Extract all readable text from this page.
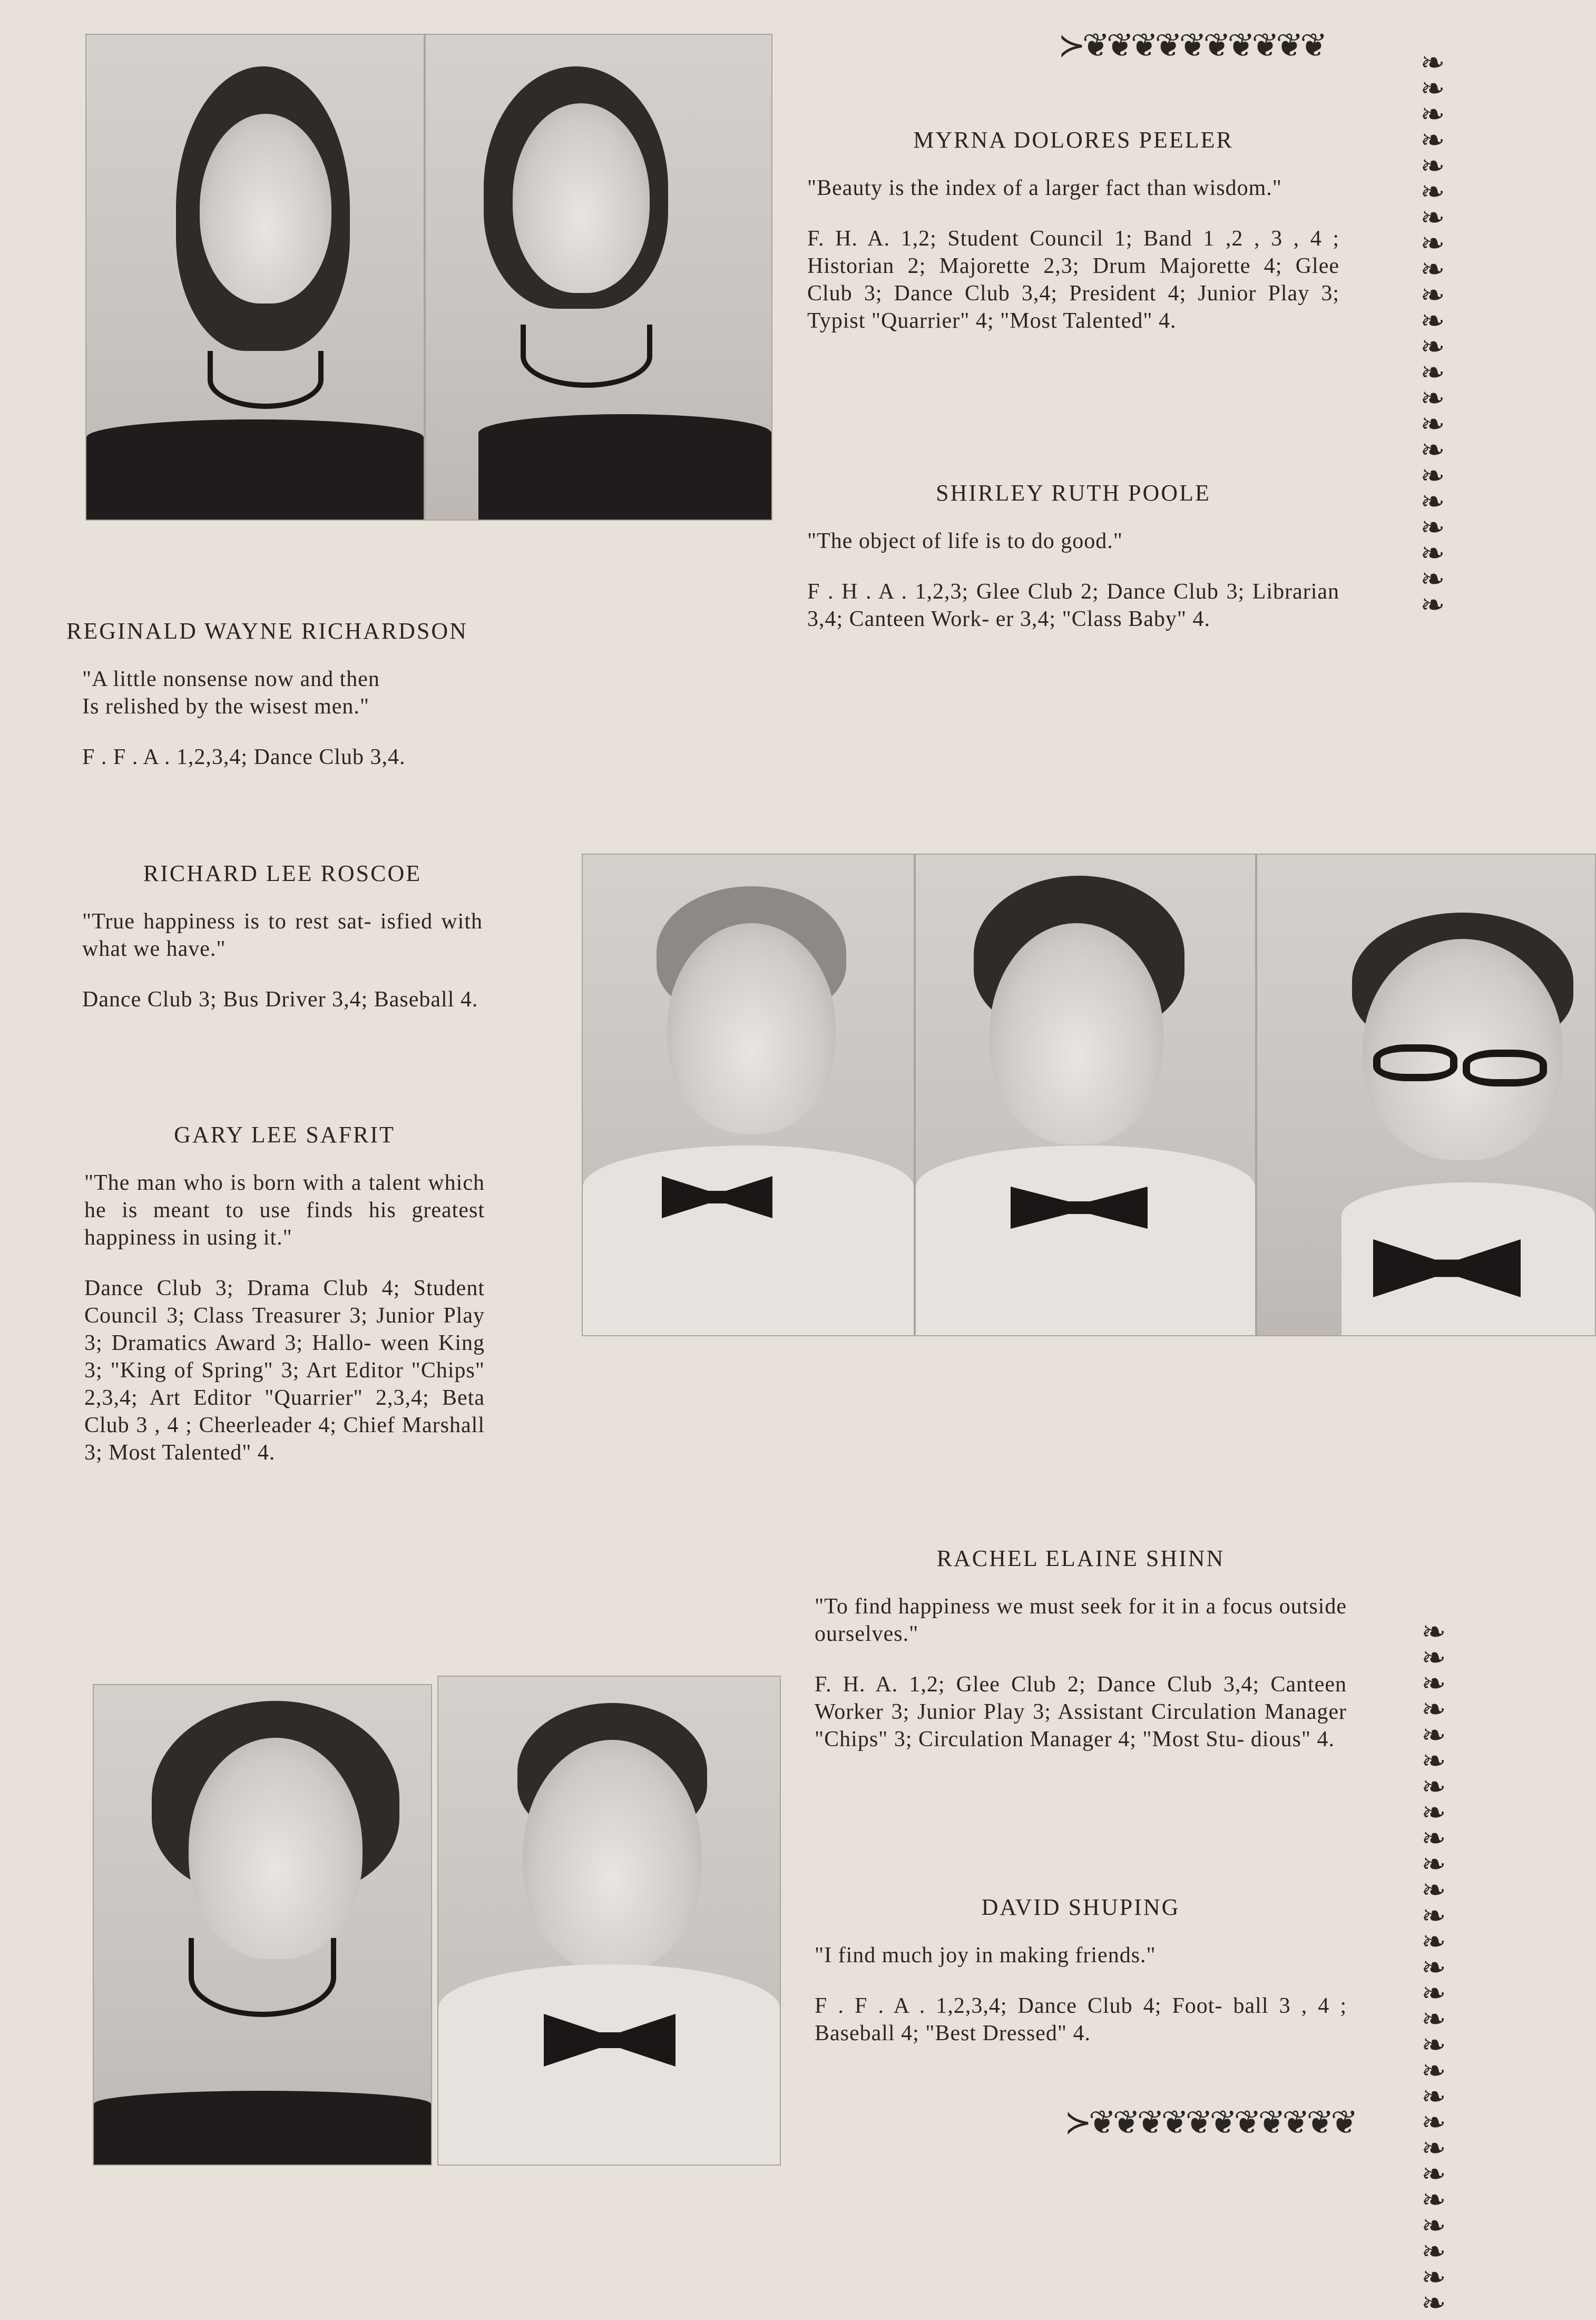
≻❦❦❦❦❦❦❦❦❦❦	❧
❧
❧
❧
❧
❧
❧
❧
❧
❧
❧
❧
❧
❧
❧
❧
❧
❧
❧
❧
❧
❧
❧
❧
❧
❧
❧
❧
❧
❧
❧
❧
❧
❧
❧
❧
❧
❧
❧
❧
❧
❧
❧
❧
❧
❧
❧
❧
❧
≻❦❦❦❦❦❦❦❦❦❦❦
MYRNA DOLORES PEELER

"Beauty is the index of a larger fact than wisdom."

F. H. A. 1,2; Student Council 1; Band 1 ,2 , 3 , 4 ; Historian 2; Majorette 2,3; Drum Majorette 4; Glee Club 3; Dance Club 3,4; President 4; Junior Play 3; Typist "Quarrier" 4; "Most Talented" 4.

SHIRLEY RUTH POOLE

"The object of life is to do good."

F . H . A . 1,2,3; Glee Club 2; Dance Club 3; Librarian 3,4; Canteen Work- er 3,4; "Class Baby" 4.

REGINALD WAYNE RICHARDSON

"A little nonsense now and then
Is relished by the wisest men."

F . F . A . 1,2,3,4; Dance Club 3,4.

RICHARD LEE ROSCOE

"True happiness is to rest sat- isfied with what we have."

Dance Club 3; Bus Driver 3,4; Baseball 4.

GARY LEE SAFRIT

"The man who is born with a talent which he is meant to use finds his greatest happiness in using it."

Dance Club 3; Drama Club 4; Student Council 3; Class Treasurer 3; Junior Play 3; Dramatics Award 3; Hallo- ween King 3; "King of Spring" 3; Art Editor "Chips" 2,3,4; Art Editor "Quarrier" 2,3,4; Beta Club 3 , 4 ; Cheerleader 4; Chief Marshall 3; Most Talented" 4.

RACHEL ELAINE SHINN

"To find happiness we must seek for it in a focus outside ourselves."

F. H. A. 1,2; Glee Club 2; Dance Club 3,4; Canteen Worker 3; Junior Play 3; Assistant Circulation Manager "Chips" 3; Circulation Manager 4; "Most Stu- dious" 4.

DAVID SHUPING

"I find much joy in making friends."

F . F . A . 1,2,3,4; Dance Club 4; Foot- ball 3 , 4 ; Baseball 4; "Best Dressed" 4.
